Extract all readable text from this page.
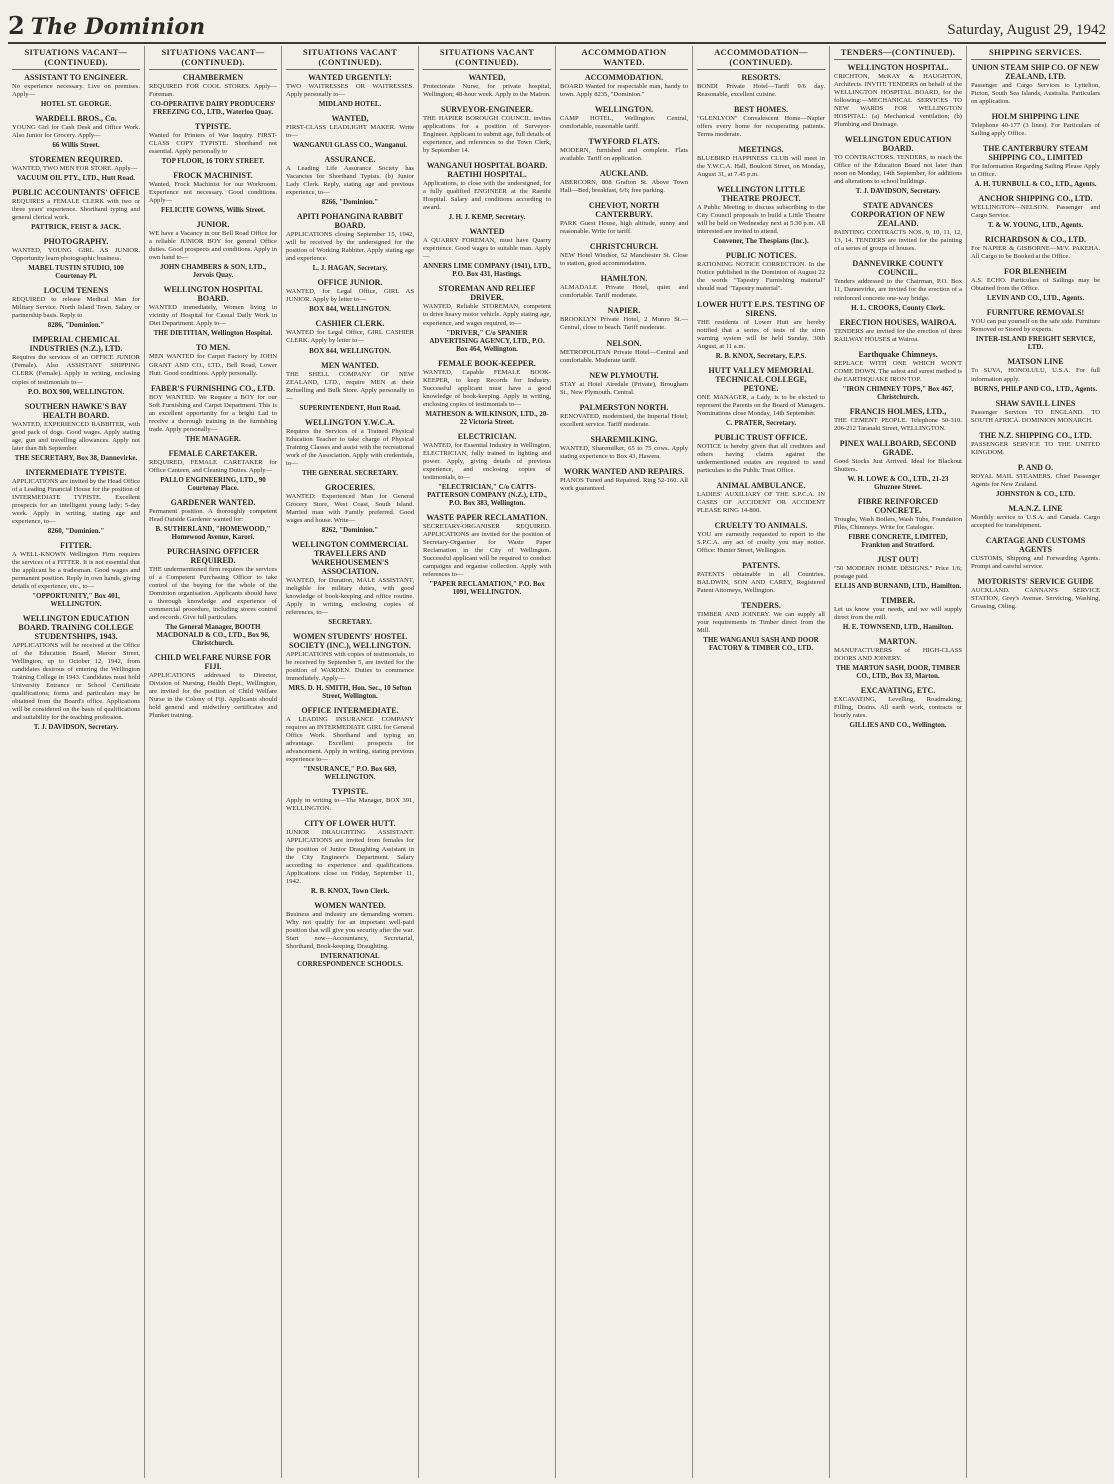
2 The Dominion	Saturday, August 29, 1942
SITUATIONS VACANT—(CONTINUED).
ASSISTANT TO ENGINEER.
No experience necessary. Live on premises. Apply—
HOTEL ST. GEORGE.
WARDELL BROS., Co.
YOUNG Girl for Cash Desk and Office Work. Also Junior for Grocery. Apply—
66 Willis Street.
STOREMEN REQUIRED.
WANTED, TWO MEN FOR STORE. Apply—
VACUUM OIL PTY., LTD., Hutt Road.
PUBLIC ACCOUNTANTS' OFFICE
REQUIRES a FEMALE CLERK with two or three years' experience. Shorthand typing and general clerical work.
PATTRICK, FEIST & JACK.
PHOTOGRAPHY.
WANTED, YOUNG GIRL AS JUNIOR. Opportunity learn photographic business.
MABEL TUSTIN STUDIO, 100 Courtenay Pl.
LOCUM TENENS
REQUIRED to release Medical Man for Military Service. North Island Town. Salary or partnership basis. Reply to
8286, "Dominion."
IMPERIAL CHEMICAL INDUSTRIES (N.Z.), LTD.
Requires the services of an OFFICE JUNIOR (Female). Also ASSISTANT SHIPPING CLERK (Female). Apply in writing, enclosing copies of testimonials to—
P.O. BOX 900, WELLINGTON.
SOUTHERN HAWKE'S BAY HEALTH BOARD.
WANTED, EXPERIENCED RABBITER, with good pack of dogs. Good wages. Apply stating age, gun and travelling allowances. Apply not later than 8th September.
THE SECRETARY, Box 38, Dannevirke.
INTERMEDIATE TYPISTE.
APPLICATIONS are invited by the Head Office of a Leading Financial House for the position of INTERMEDIATE TYPISTE. Excellent prospects for an intelligent young lady; 5-day week. Apply in writing, stating age and experience, to—
8260, "Dominion."
FITTER.
A WELL-KNOWN Wellington Firm requires the services of a FITTER. It is not essential that the applicant be a tradesman. Good wages and permanent position. Reply in own hands, giving details of experience, etc., to—
"OPPORTUNITY," Box 401, WELLINGTON.
WELLINGTON EDUCATION BOARD. TRAINING COLLEGE STUDENTSHIPS, 1943.
APPLICATIONS will be received at the Office of the Education Board, Mercer Street, Wellington, up to October 12, 1942, from candidates desirous of entering the Wellington Training College in 1943. Candidates must hold University Entrance or School Certificate qualifications; forms and particulars may be obtained from the Board's office. Applications will be considered on the basis of qualifications and suitability for the teaching profession.
T. J. DAVIDSON, Secretary.
SITUATIONS VACANT—(CONTINUED).
CHAMBERMEN
REQUIRED FOR COOL STORES. Apply—Foreman.
CO-OPERATIVE DAIRY PRODUCERS' FREEZING CO., LTD., Waterloo Quay.
TYPISTE.
Wanted for Printers of War Inquiry. FIRST-CLASS COPY TYPISTE. Shorthand not essential. Apply personally to
TOP FLOOR, 16 TORY STREET.
FROCK MACHINIST.
Wanted, Frock Machinist for our Workroom. Experience not necessary. Good conditions. Apply—
FELICITE GOWNS, Willis Street.
JUNIOR.
WE have a Vacancy in our Bell Road Office for a reliable JUNIOR BOY for general Office duties. Good prospects and conditions. Apply in own hand to—
JOHN CHAMBERS & SON, LTD., Jervois Quay.
WELLINGTON HOSPITAL BOARD.
WANTED immediately, Women living in vicinity of Hospital for Casual Daily Work in Diet Department. Apply to—
THE DIETITIAN, Wellington Hospital.
TO MEN.
MEN WANTED for Carpet Factory by JOHN GRANT AND CO., LTD., Bell Road, Lower Hutt. Good conditions. Apply personally.
FABER'S FURNISHING CO., LTD.
BOY WANTED. We Require a BOY for our Soft Furnishing and Carpet Department. This is an excellent opportunity for a bright Lad to receive a thorough training in the furnishing trade. Apply personally—
THE MANAGER.
FEMALE CARETAKER.
REQUIRED, FEMALE CARETAKER for Office Canteen, and Cleaning Duties. Apply—
PALLO ENGINEERING, LTD., 90 Courtenay Place.
GARDENER WANTED.
Permanent position. A thoroughly competent Head Outside Gardener wanted for:
B. SUTHERLAND, "HOMEWOOD," Homewood Avenue, Karori.
PURCHASING OFFICER REQUIRED.
THE undermentioned firm requires the services of a Competent Purchasing Officer to take control of the buying for the whole of the Dominion organisation. Applicants should have a thorough knowledge and experience of commercial procedure, including stores control and records. Give full particulars.
The General Manager, BOOTH MACDONALD & CO., LTD., Box 96, Christchurch.
CHILD WELFARE NURSE FOR FIJI.
APPLICATIONS addressed to Director, Division of Nursing, Health Dept., Wellington, are invited for the position of Child Welfare Nurse in the Colony of Fiji. Applicants should hold general and midwifery certificates and Plunket training.
SITUATIONS VACANT (CONTINUED).
WANTED URGENTLY:
TWO WAITRESSES OR WAITRESSES. Apply personally to—
MIDLAND HOTEL.
WANTED,
FIRST-CLASS LEADLIGHT MAKER. Write to—
WANGANUI GLASS CO., Wanganui.
ASSURANCE.
A Leading Life Assurance Society has Vacancies for Shorthand Typists. (b) Junior Lady Clerk. Reply, stating age and previous experience, to—
8266, "Dominion."
APITI POHANGINA RABBIT BOARD.
APPLICATIONS closing September 15, 1942, will be received by the undersigned for the position of Working Rabbiter. Apply stating age and experience.
L. J. HAGAN, Secretary.
OFFICE JUNIOR.
WANTED, for Legal Office, GIRL AS JUNIOR. Apply by letter to—
BOX 844, WELLINGTON.
CASHIER CLERK.
WANTED for Legal Office, GIRL CASHIER CLERK. Apply by letter to—
BOX 844, WELLINGTON.
MEN WANTED.
THE SHELL COMPANY OF NEW ZEALAND, LTD., require MEN at their Refuelling and Bulk Store. Apply personally to—
SUPERINTENDENT, Hutt Road.
WELLINGTON Y.W.C.A.
Requires the Services of a Trained Physical Education Teacher to take charge of Physical Training Classes and assist with the recreational work of the Association. Apply with credentials, to—
THE GENERAL SECRETARY.
GROCERIES.
WANTED: Experienced Man for General Grocery Store, West Coast, South Island. Married man with Family preferred. Good wages and house. Write—
8262, "Dominion."
WELLINGTON COMMERCIAL TRAVELLERS AND WAREHOUSEMEN'S ASSOCIATION.
WANTED, for Duration, MALE ASSISTANT, ineligible for military duties, with good knowledge of book-keeping and office routine. Apply in writing, enclosing copies of references, to—
SECRETARY.
WOMEN STUDENTS' HOSTEL SOCIETY (INC.), WELLINGTON.
APPLICATIONS with copies of testimonials, to be received by September 5, are invited for the position of WARDEN. Duties to commence immediately. Apply—
MRS. D. H. SMITH, Hon. Sec., 10 Sefton Street, Wellington.
OFFICE INTERMEDIATE.
A LEADING INSURANCE COMPANY requires an INTERMEDIATE GIRL for General Office Work. Shorthand and typing an advantage. Excellent prospects for advancement. Apply in writing, stating previous experience to—
"INSURANCE," P.O. Box 669, WELLINGTON.
TYPISTE.
Apply in writing to—The Manager, BOX 391, WELLINGTON.
CITY OF LOWER HUTT.
JUNIOR DRAUGHTING ASSISTANT. APPLICATIONS are invited from females for the position of Junior Draughting Assistant in the City Engineer's Department. Salary according to experience and qualifications. Applications close on Friday, September 11, 1942.
R. B. KNOX, Town Clerk.
WOMEN WANTED.
Business and industry are demanding women. Why not qualify for an important well-paid position that will give you security after the war. Start now—Accountancy, Secretarial, Shorthand, Book-keeping, Draughting.
INTERNATIONAL CORRESPONDENCE SCHOOLS.
SITUATIONS VACANT (CONTINUED).
WANTED,
Protectorate Nurse, for private hospital, Wellington; 48-hour week. Apply to the Matron.
SURVEYOR-ENGINEER.
THE HAPIER BOROUGH COUNCIL invites applications for a position of Surveyor-Engineer. Applicant to submit age, full details of experience, and references to the Town Clerk, by September 14.
WANGANUI HOSPITAL BOARD. RAETIHI HOSPITAL.
Applications, to close with the undersigned, for a fully qualified ENGINEER at the Raetihi Hospital. Salary and conditions according to award.
J. H. J. KEMP, Secretary.
WANTED
A QUARRY FOREMAN, must have Quarry experience. Good wages to suitable man. Apply—
ANNERS LIME COMPANY (1941), LTD., P.O. Box 431, Hastings.
STOREMAN AND RELIEF DRIVER.
WANTED, Reliable STOREMAN, competent to drive heavy motor vehicle. Apply stating age, experience, and wages required, to—
"DRIVER," C/o SPANIER ADVERTISING AGENCY, LTD., P.O. Box 464, Wellington.
FEMALE BOOK-KEEPER.
WANTED, Capable FEMALE BOOK-KEEPER, to keep Records for Industry. Successful applicant must have a good knowledge of book-keeping. Apply in writing, enclosing copies of testimonials to—
MATHESON & WILKINSON, LTD., 20-22 Victoria Street.
ELECTRICIAN.
WANTED, for Essential Industry in Wellington, ELECTRICIAN, fully trained in lighting and power. Apply, giving details of previous experience, and enclosing copies of testimonials, to—
"ELECTRICIAN," C/o CATTS-PATTERSON COMPANY (N.Z.), LTD., P.O. Box 383, Wellington.
WASTE PAPER RECLAMATION.
SECRETARY-ORGANISER REQUIRED. APPLICATIONS are invited for the position of Secretary-Organiser for Waste Paper Reclamation in the City of Wellington. Successful applicant will be required to conduct campaigns and organise collection. Apply with references to—
"PAPER RECLAMATION," P.O. Box 1091, WELLINGTON.
ACCOMMODATION WANTED.
ACCOMMODATION.
BOARD Wanted for respectable man, handy to town. Apply 8235, "Dominion."
WELLINGTON.
CAMP HOTEL, Wellington. Central, comfortable, reasonable tariff.
TWYFORD FLATS.
MODERN, furnished and complete. Flats available. Tariff on application.
AUCKLAND.
ABERCORN, 808 Grafton St. Above Town Hall—Bed, breakfast, 6/6; free parking.
CHEVIOT, NORTH CANTERBURY.
PARK Guest House, high altitude, sunny and reasonable. Write for tariff.
CHRISTCHURCH.
NEW Hotel Windsor, 52 Manchester St. Close to station, good accommodation.
HAMILTON.
ALMADALE Private Hotel, quiet and comfortable. Tariff moderate.
NAPIER.
BROOKLYN Private Hotel, 2 Munro St.—Central, close to beach. Tariff moderate.
NELSON.
METROPOLITAN Private Hotel—Central and comfortable. Moderate tariff.
NEW PLYMOUTH.
STAY at Hotel Airedale (Private), Brougham St., New Plymouth. Central.
PALMERSTON NORTH.
RENOVATED, modernised, the Imperial Hotel; excellent service. Tariff moderate.
SHAREMILKING.
WANTED, Sharemilker, 65 to 75 cows. Apply stating experience to Box 43, Hawera.
WORK WANTED AND REPAIRS.
PIANOS Tuned and Repaired. Ring 52-160. All work guaranteed.
ACCOMMODATION—(CONTINUED).
RESORTS.
BONDI Private Hotel—Tariff 9/6 day. Reasonable, excellent cuisine.
BEST HOMES.
"GLENLYON" Convalescent Home—Napier offers every home for recuperating patients. Terms moderate.
MEETINGS.
BLUEBIRD HAPPINESS CLUB will meet in the Y.W.C.A. Hall, Boulcott Street, on Monday, August 31, at 7.45 p.m.
WELLINGTON LITTLE THEATRE PROJECT.
A Public Meeting to discuss subscribing to the City Council proposals to build a Little Theatre will be held on Wednesday next at 5.30 p.m. All interested are invited to attend.
Convener, The Thespians (Inc.).
PUBLIC NOTICES.
RATIONING NOTICE CORRECTION. In the Notice published in the Dominion of August 22 the words "Tapestry Furnishing material" should read "Tapestry material".
LOWER HUTT E.P.S. TESTING OF SIRENS.
THE residents of Lower Hutt are hereby notified that a series of tests of the siren warning system will be held Sunday, 30th August, at 11 a.m.
R. B. KNOX, Secretary, E.P.S.
HUTT VALLEY MEMORIAL TECHNICAL COLLEGE, PETONE.
ONE MANAGER, a Lady, is to be elected to represent the Parents on the Board of Managers. Nominations close Monday, 14th September.
C. PRATER, Secretary.
PUBLIC TRUST OFFICE.
NOTICE is hereby given that all creditors and others having claims against the undermentioned estates are required to send particulars to the Public Trust Office.
ANIMAL AMBULANCE.
LADIES' AUXILIARY OF THE S.P.C.A. IN CASES OF ACCIDENT OR ACCIDENT PLEASE RING 14-800.
CRUELTY TO ANIMALS.
YOU are earnestly requested to report to the S.P.C.A. any act of cruelty you may notice. Office: Hunter Street, Wellington.
PATENTS.
PATENTS obtainable in all Countries. BALDWIN, SON AND CAREY, Registered Patent Attorneys, Wellington.
TENDERS.
TIMBER AND JOINERY. We can supply all your requirements in Timber direct from the Mill.
THE WANGANUI SASH AND DOOR FACTORY & TIMBER CO., LTD.
TENDERS—(CONTINUED).
WELLINGTON HOSPITAL.
CRICHTON, McKAY & HAUGHTON, Architects. INVITE TENDERS on behalf of the WELLINGTON HOSPITAL BOARD, for the following:—MECHANICAL SERVICES TO NEW WARDS FOR WELLINGTON HOSPITAL: (a) Mechanical ventilation; (b) Plumbing and Drainage.
WELLINGTON EDUCATION BOARD.
TO CONTRACTORS. TENDERS, to reach the Office of the Education Board not later than noon on Monday, 14th September, for additions and alterations to school buildings.
T. J. DAVIDSON, Secretary.
STATE ADVANCES CORPORATION OF NEW ZEALAND.
PAINTING CONTRACTS NOS. 9, 10, 11, 12, 13, 14. TENDERS are invited for the painting of a series of groups of houses.
DANNEVIRKE COUNTY COUNCIL.
Tenders addressed to the Chairman, P.O. Box 11, Dannevirke, are invited for the erection of a reinforced concrete one-way bridge.
H. L. CROOKS, County Clerk.
ERECTION HOUSES, WAIROA.
TENDERS are invited for the erection of three RAILWAY HOUSES at Wairoa.
Earthquake Chimneys.
REPLACE WITH ONE WHICH WON'T COME DOWN. The safest and surest method is the EARTHQUAKE IRON TOP.
"IRON CHIMNEY TOPS," Box 467, Christchurch.
FRANCIS HOLMES, LTD.,
THE CEMENT PEOPLE. Telephone 50-310. 206-212 Taranaki Street, WELLINGTON.
PINEX WALLBOARD, SECOND GRADE.
Good Stocks Just Arrived. Ideal for Blackout Shutters.
W. H. LOWE & CO., LTD., 21-23 Ghuznee Street.
FIBRE REINFORCED CONCRETE.
Troughs, Wash Boilers, Wash Tubs, Foundation Piles, Chimneys. Write for Catalogue.
FIBRE CONCRETE, LIMITED, Frankton and Stratford.
JUST OUT!
"50 MODERN HOME DESIGNS." Price 1/6; postage paid.
ELLIS AND BURNAND, LTD., Hamilton.
TIMBER.
Let us know your needs, and we will supply direct from the mill.
H. E. TOWNSEND, LTD., Hamilton.
MARTON.
MANUFACTURERS of HIGH-CLASS DOORS AND JOINERY.
THE MARTON SASH, DOOR, TIMBER CO., LTD., Box 33, Marton.
EXCAVATING, ETC.
EXCAVATING, Levelling, Roadmaking, Filling, Drains. All earth work, contracts or hourly rates.
GILLIES AND CO., Wellington.
SHIPPING SERVICES.
UNION STEAM SHIP CO. OF NEW ZEALAND, LTD.
Passenger and Cargo Services to Lyttelton, Picton, South Sea Islands, Australia. Particulars on application.
HOLM SHIPPING LINE
Telephone 40-177 (3 lines). For Particulars of Sailing apply Office.
THE CANTERBURY STEAM SHIPPING CO., LIMITED
For Information Regarding Sailing Please Apply to Office.
A. H. TURNBULL & CO., LTD., Agents.
ANCHOR SHIPPING CO., LTD.
WELLINGTON—NELSON. Passenger and Cargo Service.
T. & W. YOUNG, LTD., Agents.
RICHARDSON & CO., LTD.
For NAPIER & GISBORNE—M/V. PAKEHA. All Cargo to be Booked at the Office.
FOR BLENHEIM
A.S. ECHO. Particulars of Sailings may be Obtained from the Office.
LEVIN AND CO., LTD., Agents.
FURNITURE REMOVALS!
YOU can put yourself on the safe side. Furniture Removed or Stored by experts.
INTER-ISLAND FREIGHT SERVICE, LTD.
MATSON LINE
To SUVA, HONOLULU, U.S.A. For full information apply.
BURNS, PHILP AND CO., LTD., Agents.
SHAW SAVILL LINES
Passenger Services TO ENGLAND. TO SOUTH AFRICA. DOMINION MONARCH.
THE N.Z. SHIPPING CO., LTD.
PASSENGER SERVICE TO THE UNITED KINGDOM.
P. AND O.
ROYAL MAIL STEAMERS. Chief Passenger Agents for New Zealand.
JOHNSTON & CO., LTD.
M.A.N.Z. LINE
Monthly service to U.S.A. and Canada. Cargo accepted for transhipment.
CARTAGE AND CUSTOMS AGENTS
CUSTOMS, Shipping and Forwarding Agents. Prompt and careful service.
MOTORISTS' SERVICE GUIDE
AUCKLAND. CANNAN'S SERVICE STATION, Grey's Avenue. Servicing, Washing, Greasing, Oiling.
